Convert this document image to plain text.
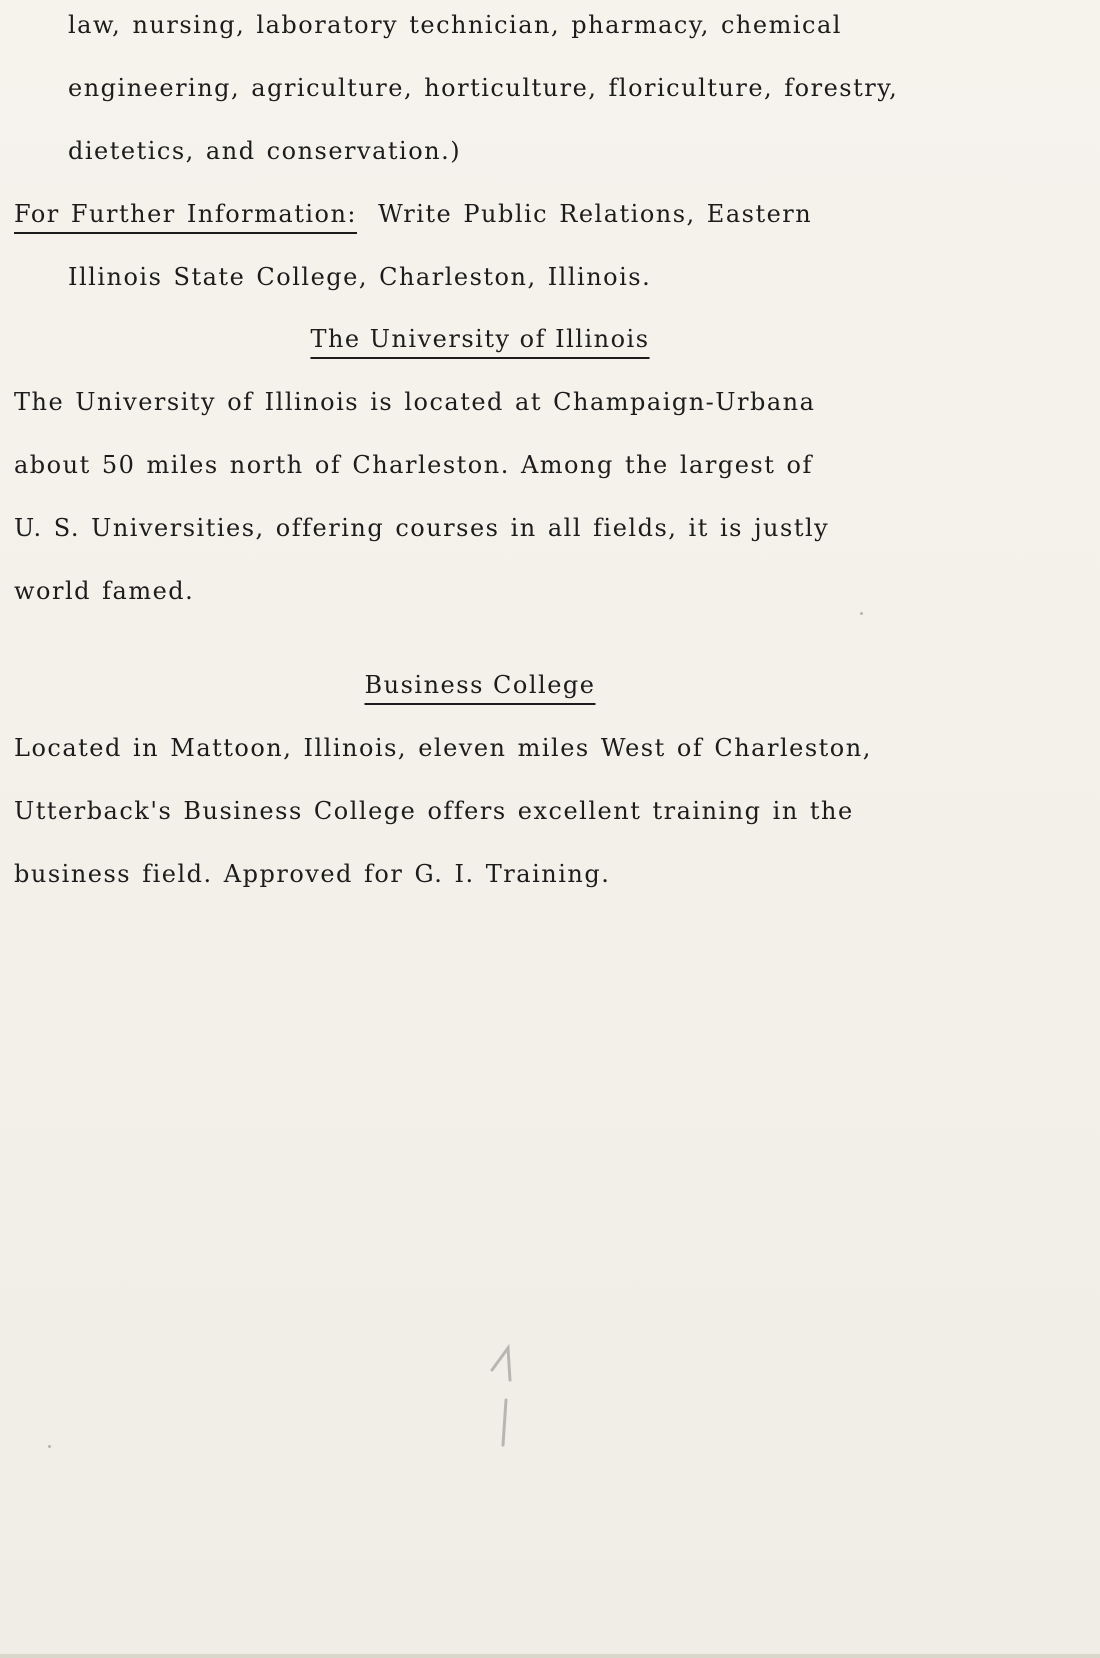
law, nursing, laboratory technician, pharmacy, chemical
engineering, agriculture, horticulture, floriculture, forestry,
dietetics, and conservation.)
For Further Information: Write Public Relations, Eastern
Illinois State College, Charleston, Illinois.
The University of Illinois
The University of Illinois is located at Champaign-Urbana
about 50 miles north of Charleston. Among the largest of
U. S. Universities, offering courses in all fields, it is justly
world famed.
Business College
Located in Mattoon, Illinois, eleven miles West of Charleston,
Utterback's Business College offers excellent training in the
business field. Approved for G. I. Training.
